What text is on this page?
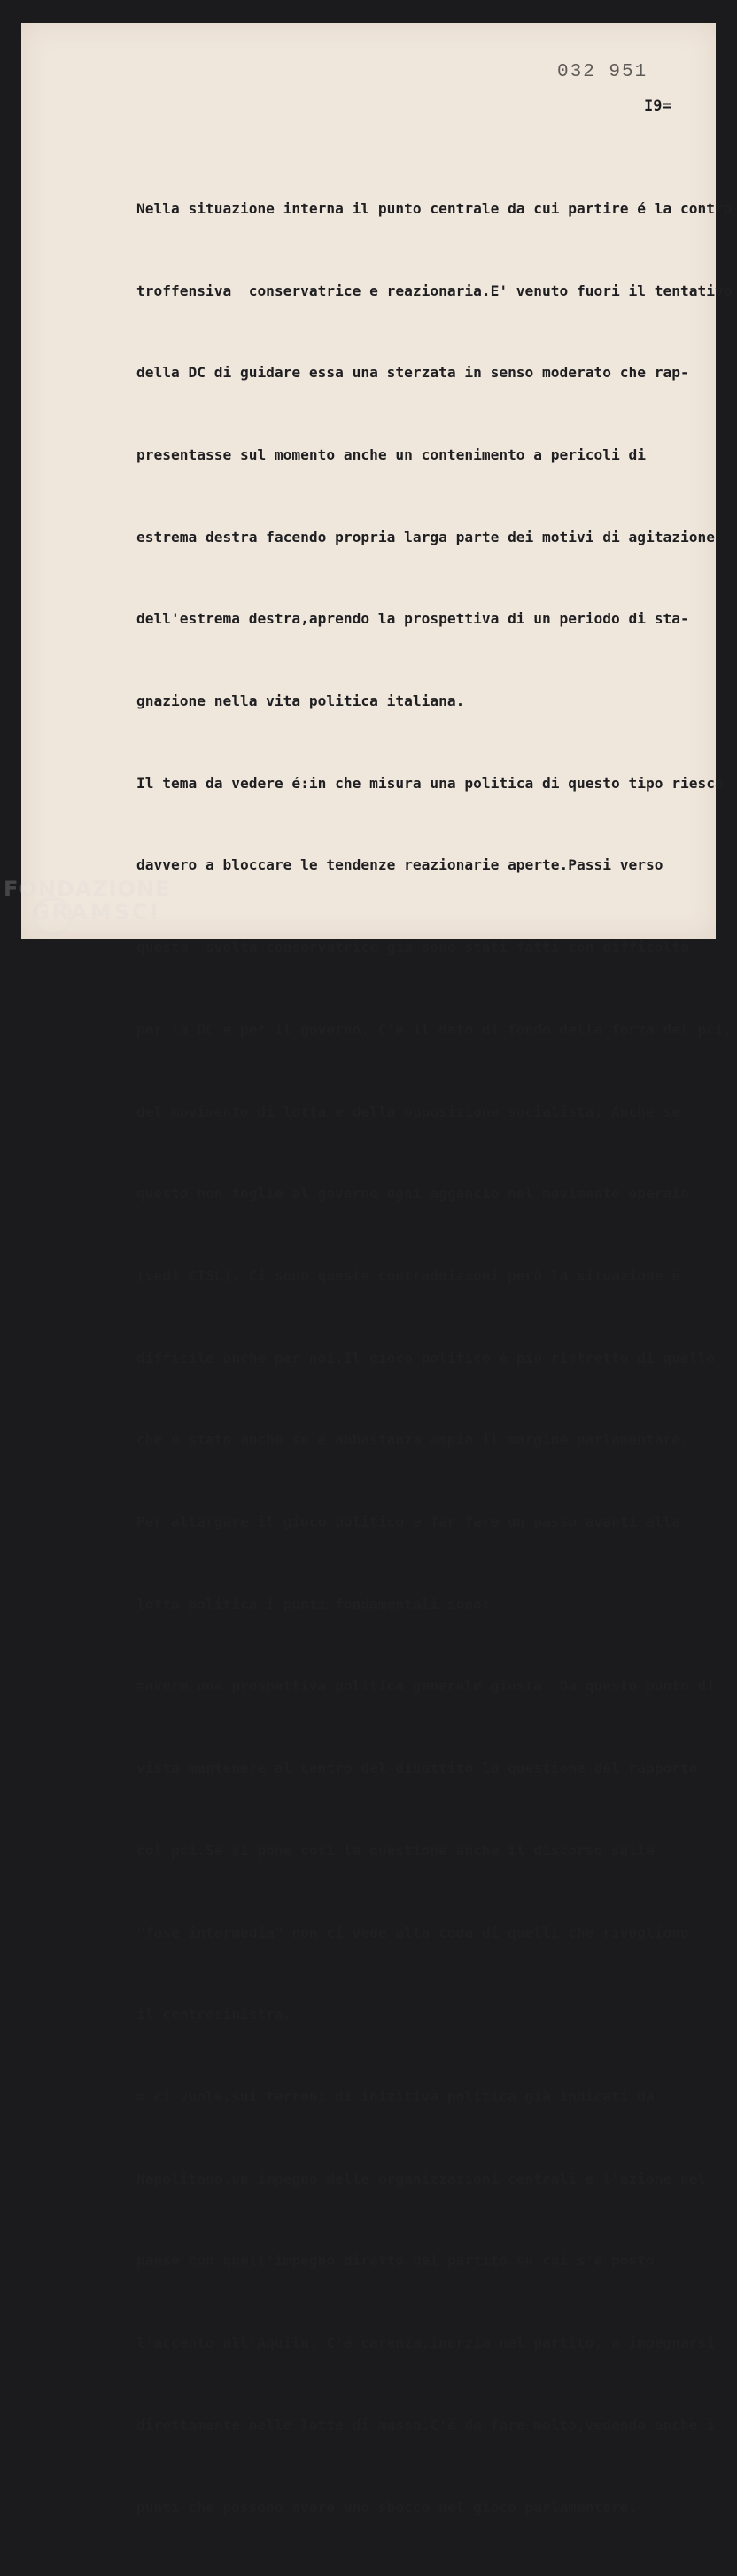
032 951
I9=

Nella situazione interna il punto centrale da cui partire é la contro

troffensiva  conservatrice e reazionaria.E' venuto fuori il tentativo

della DC di guidare essa una sterzata in senso moderato che rap-

presentasse sul momento anche un contenimento a pericoli di

estrema destra facendo propria larga parte dei motivi di agitazione

dell'estrema destra,aprendo la prospettiva di un periodo di sta-

gnazione nella vita politica italiana.

Il tema da vedere é:in che misura una politica di questo tipo riesca

davvero a bloccare le tendenze reazionarie aperte.Passi verso

questa  svolta conservatrice già sono stati fatti con difficoltà

per la DC e per il governo. C'é il dato di fondo della forza del pci,

del movimento di lotta e della opposizione socialista. Anche se

questo non toglie al governo ogni aggancio nel movimento operaio

(vedi CISL). Ci sono queste contraddizioni però la situazione é

difficile anche per noi.Il gioco politico é più ristretto di quello

che é stato anche se é abbastanza ampio il margine parlamentare.

Per allargare il gioco politico e far fare un passo avanti alla

lotta politica i punti fondamentali sono:

=avere una prospettiva politica generale giusta .Da questo punto di

vista mantenere al centro del dibattito la questione del rapporto

col pci.Se si pone così la questione anche il discorso sulla

"fase intermedia" non ci vede alla coda di quelli che rivogliono

il centrosinistra.

= ci vuole,sui terreni di inizitiva politica già indicati da

Napolitano,un impegno delle organizzazioni centrali e l'azione nel

paese con quell'impegno diretto del partito su cui s'é posto

l'accento all'Aquila. C'é carenza,inerzia nel partito, a impegnarsi

direttamente nelle lotte di massa.C'é da fare molto,vedendo anche i

punti che possono avere uno sbocco nel gioco parlamentare.

FONDAZIONE
GRAMSCI
